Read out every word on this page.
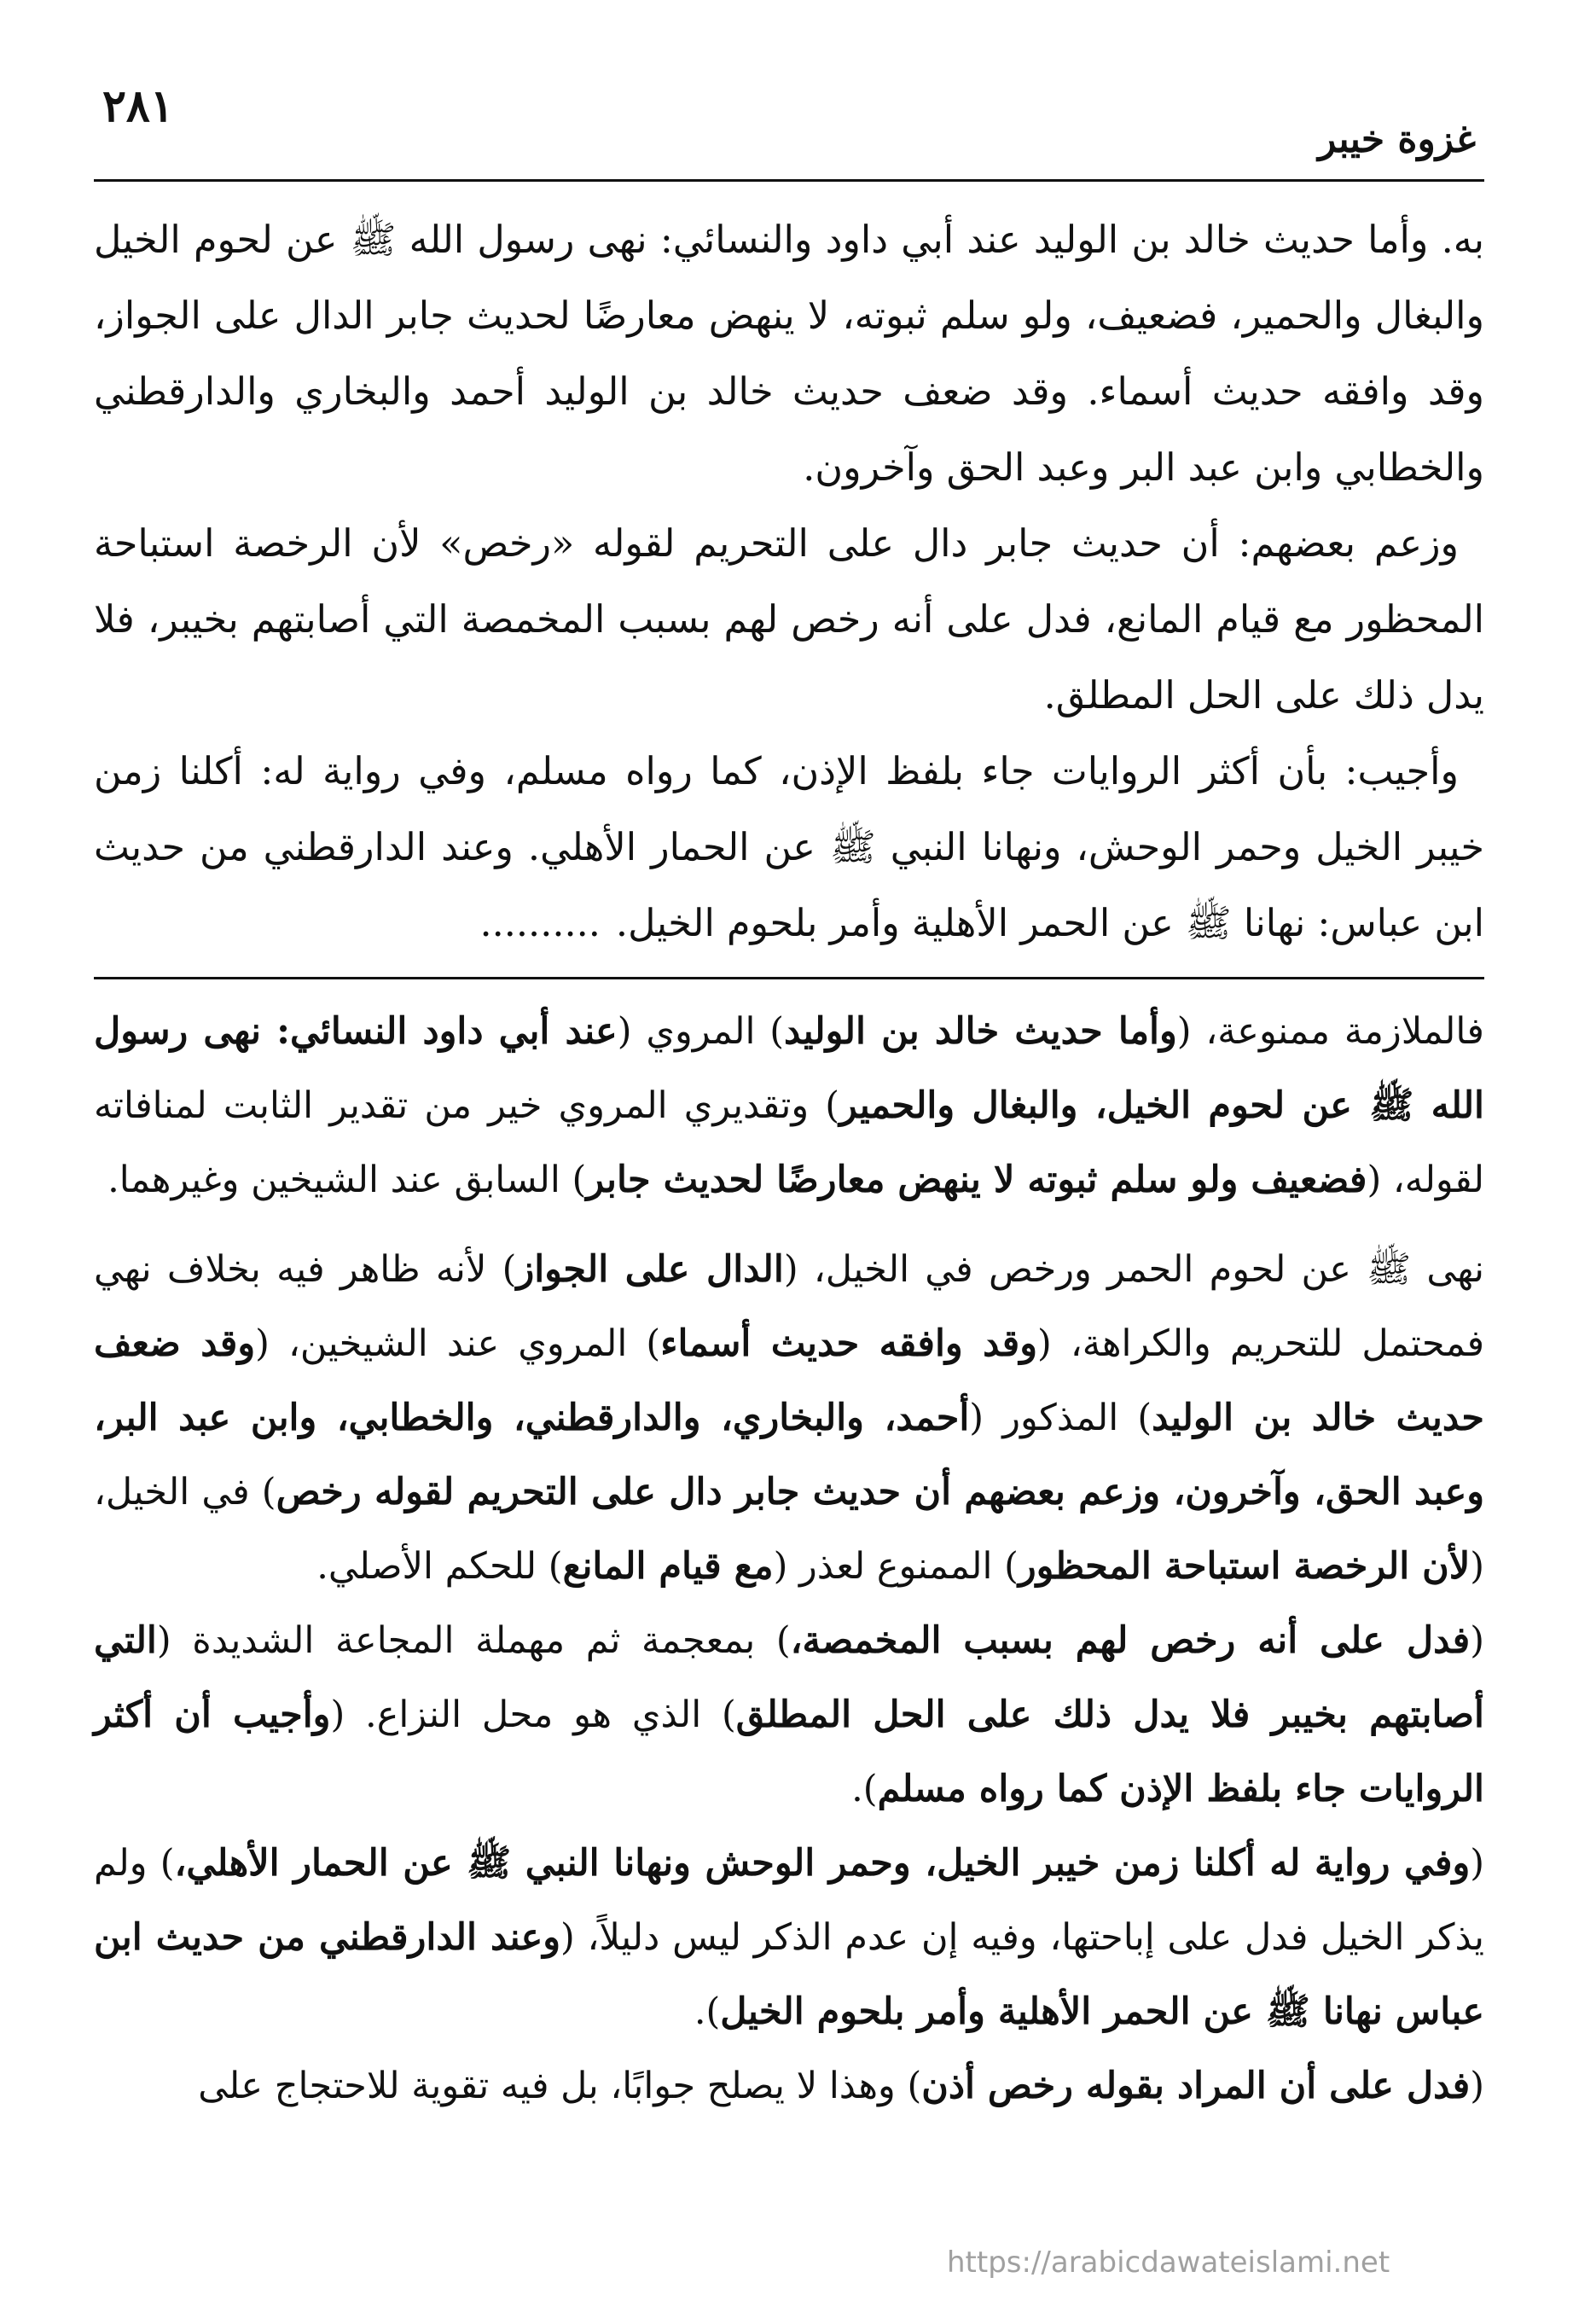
غزوة خيبر
٢٨١

به. وأما حديث خالد بن الوليد عند أبي داود والنسائي: نهى رسول الله ﷺ عن لحوم الخيل والبغال والحمير، فضعيف، ولو سلم ثبوته، لا ينهض معارضًا لحديث جابر الدال على الجواز، وقد وافقه حديث أسماء. وقد ضعف حديث خالد بن الوليد أحمد والبخاري والدارقطني والخطابي وابن عبد البر وعبد الحق وآخرون.

وزعم بعضهم: أن حديث جابر دال على التحريم لقوله «رخص» لأن الرخصة استباحة المحظور مع قيام المانع، فدل على أنه رخص لهم بسبب المخمصة التي أصابتهم بخيبر، فلا يدل ذلك على الحل المطلق.

وأجيب: بأن أكثر الروايات جاء بلفظ الإذن، كما رواه مسلم، وفي رواية له: أكلنا زمن خيبر الخيل وحمر الوحش، ونهانا النبي ﷺ عن الحمار الأهلي. وعند الدارقطني من حديث ابن عباس: نهانا ﷺ عن الحمر الأهلية وأمر بلحوم الخيل...........

فالملازمة ممنوعة، (وأما حديث خالد بن الوليد) المروي (عند أبي داود النسائي: نهى رسول الله ﷺ عن لحوم الخيل، والبغال والحمير) وتقديري المروي خير من تقدير الثابت لمنافاته لقوله، (فضعيف ولو سلم ثبوته لا ينهض معارضًا لحديث جابر) السابق عند الشيخين وغيرهما.

نهى ﷺ عن لحوم الحمر ورخص في الخيل، (الدال على الجواز) لأنه ظاهر فيه بخلاف نهي فمحتمل للتحريم والكراهة، (وقد وافقه حديث أسماء) المروي عند الشيخين، (وقد ضعف حديث خالد بن الوليد) المذكور (أحمد، والبخاري، والدارقطني، والخطابي، وابن عبد البر، وعبد الحق، وآخرون، وزعم بعضهم أن حديث جابر دال على التحريم لقوله رخص) في الخيل، (لأن الرخصة استباحة المحظور) الممنوع لعذر (مع قيام المانع) للحكم الأصلي.

(فدل على أنه رخص لهم بسبب المخمصة،) بمعجمة ثم مهملة المجاعة الشديدة (التي أصابتهم بخيبر فلا يدل ذلك على الحل المطلق) الذي هو محل النزاع. (وأجيب أن أكثر الروايات جاء بلفظ الإذن كما رواه مسلم).

(وفي رواية له أكلنا زمن خيبر الخيل، وحمر الوحش ونهانا النبي ﷺ عن الحمار الأهلي،) ولم يذكر الخيل فدل على إباحتها، وفيه إن عدم الذكر ليس دليلاً، (وعند الدارقطني من حديث ابن عباس نهانا ﷺ عن الحمر الأهلية وأمر بلحوم الخيل).

(فدل على أن المراد بقوله رخص أذن) وهذا لا يصلح جوابًا، بل فيه تقوية للاحتجاج على

https://arabicdawateislami.net
